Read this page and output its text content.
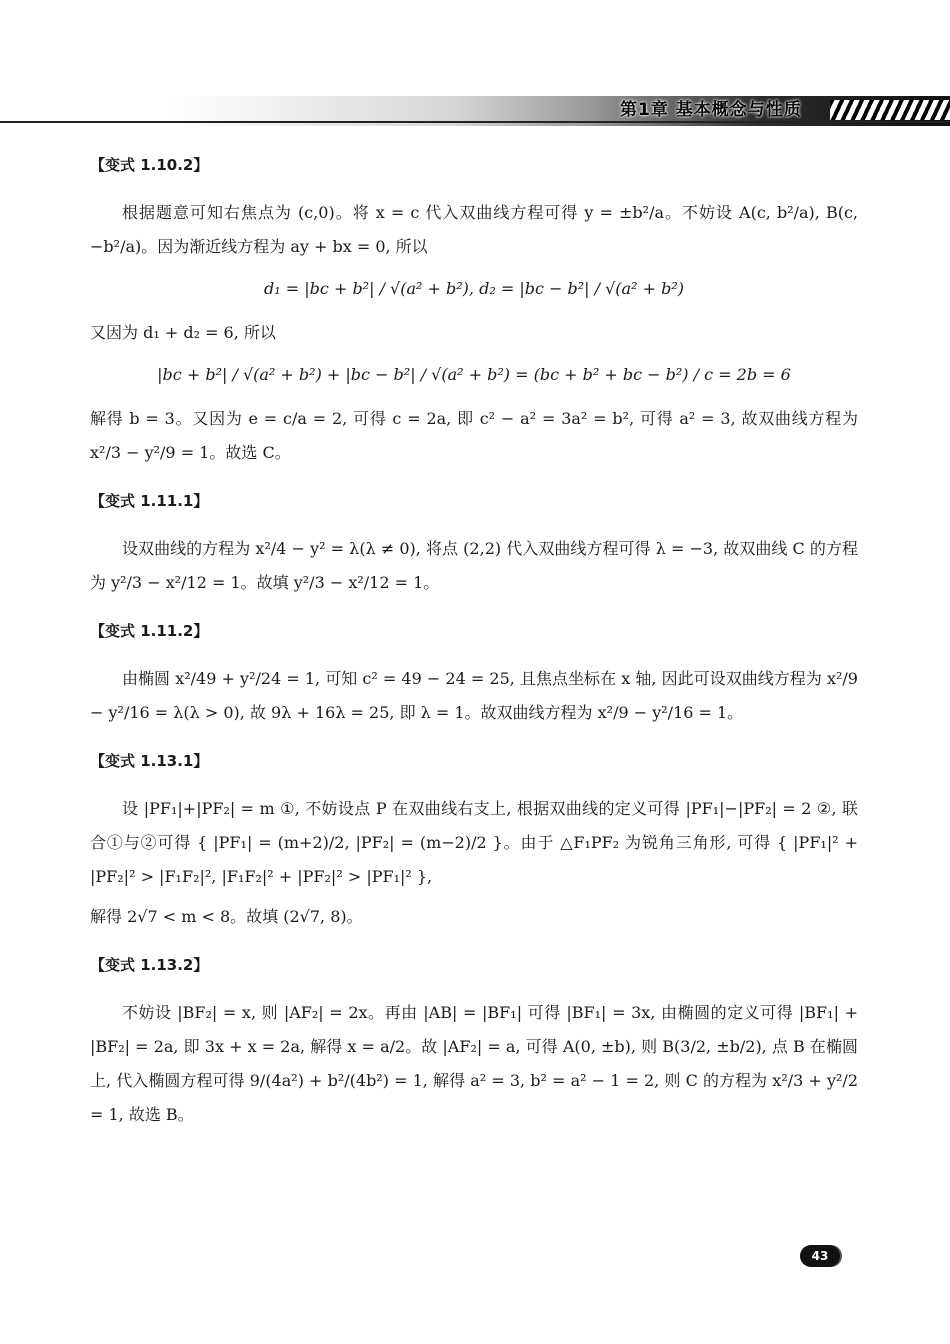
第1章 基本概念与性质
【变式 1.10.2】

根据题意可知右焦点为 (c,0)。将 x = c 代入双曲线方程可得 y = ±b²/a。不妨设 A(c, b²/a), B(c, −b²/a)。因为渐近线方程为 ay + bx = 0, 所以

d₁ = |bc + b²| / √(a² + b²), d₂ = |bc − b²| / √(a² + b²)

又因为 d₁ + d₂ = 6, 所以

|bc + b²| / √(a² + b²) + |bc − b²| / √(a² + b²) = (bc + b² + bc − b²) / c = 2b = 6

解得 b = 3。又因为 e = c/a = 2, 可得 c = 2a, 即 c² − a² = 3a² = b², 可得 a² = 3, 故双曲线方程为 x²/3 − y²/9 = 1。故选 C。

【变式 1.11.1】

设双曲线的方程为 x²/4 − y² = λ(λ ≠ 0), 将点 (2,2) 代入双曲线方程可得 λ = −3, 故双曲线 C 的方程为 y²/3 − x²/12 = 1。故填 y²/3 − x²/12 = 1。

【变式 1.11.2】

由椭圆 x²/49 + y²/24 = 1, 可知 c² = 49 − 24 = 25, 且焦点坐标在 x 轴, 因此可设双曲线方程为 x²/9 − y²/16 = λ(λ > 0), 故 9λ + 16λ = 25, 即 λ = 1。故双曲线方程为 x²/9 − y²/16 = 1。

【变式 1.13.1】

设 |PF₁|+|PF₂| = m ①, 不妨设点 P 在双曲线右支上, 根据双曲线的定义可得 |PF₁|−|PF₂| = 2 ②, 联合①与②可得 { |PF₁| = (m+2)/2, |PF₂| = (m−2)/2 }。由于 △F₁PF₂ 为锐角三角形, 可得 { |PF₁|² + |PF₂|² > |F₁F₂|², |F₁F₂|² + |PF₂|² > |PF₁|² },

解得 2√7 < m < 8。故填 (2√7, 8)。

【变式 1.13.2】

不妨设 |BF₂| = x, 则 |AF₂| = 2x。再由 |AB| = |BF₁| 可得 |BF₁| = 3x, 由椭圆的定义可得 |BF₁| + |BF₂| = 2a, 即 3x + x = 2a, 解得 x = a/2。故 |AF₂| = a, 可得 A(0, ±b), 则 B(3/2, ±b/2), 点 B 在椭圆上, 代入椭圆方程可得 9/(4a²) + b²/(4b²) = 1, 解得 a² = 3, b² = a² − 1 = 2, 则 C 的方程为 x²/3 + y²/2 = 1, 故选 B。

43
